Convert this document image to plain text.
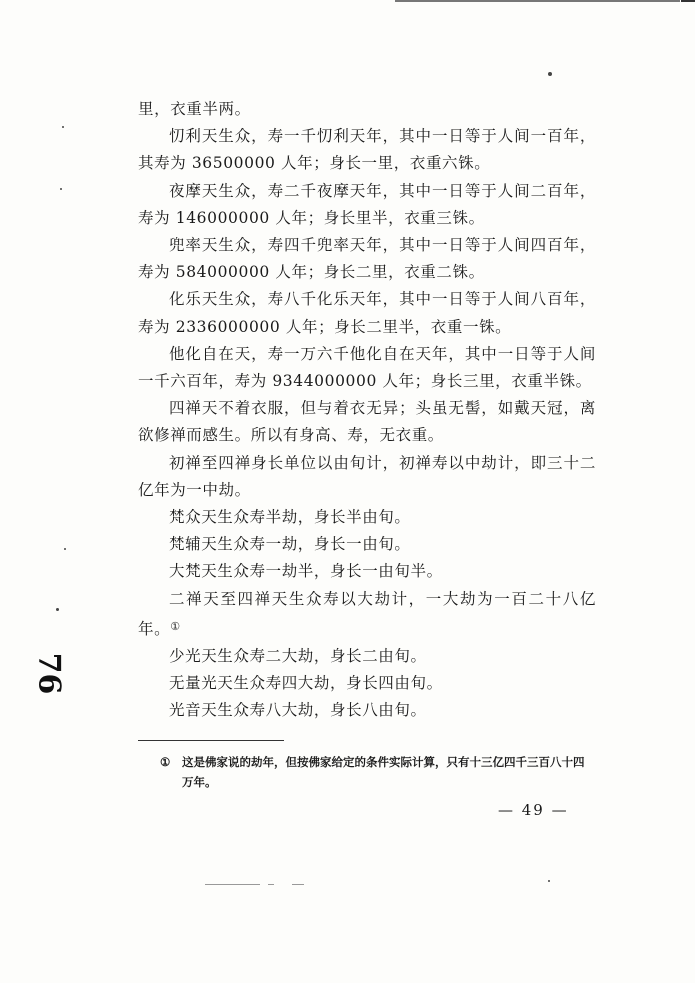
里，衣重半两。

忉利天生众，寿一千忉利天年，其中一日等于人间一百年，其寿为 36500000 人年；身长一里，衣重六铢。

夜摩天生众，寿二千夜摩天年，其中一日等于人间二百年，寿为 146000000 人年；身长里半，衣重三铢。

兜率天生众，寿四千兜率天年，其中一日等于人间四百年，寿为 584000000 人年；身长二里，衣重二铢。

化乐天生众，寿八千化乐天年，其中一日等于人间八百年，寿为 2336000000 人年；身长二里半，衣重一铢。

他化自在天，寿一万六千他化自在天年，其中一日等于人间一千六百年，寿为 9344000000 人年；身长三里，衣重半铢。

四禅天不着衣服，但与着衣无异；头虽无髻，如戴天冠，离欲修禅而感生。所以有身高、寿，无衣重。

初禅至四禅身长单位以由旬计，初禅寿以中劫计，即三十二亿年为一中劫。

梵众天生众寿半劫，身长半由旬。

梵辅天生众寿一劫，身长一由旬。

大梵天生众寿一劫半，身长一由旬半。

二禅天至四禅天生众寿以大劫计，一大劫为一百二十八亿年。①

少光天生众寿二大劫，身长二由旬。

无量光天生众寿四大劫，身长四由旬。

光音天生众寿八大劫，身长八由旬。

① 这是佛家说的劫年，但按佛家给定的条件实际计算，只有十三亿四千三百八十四万年。
— 49 —
76
